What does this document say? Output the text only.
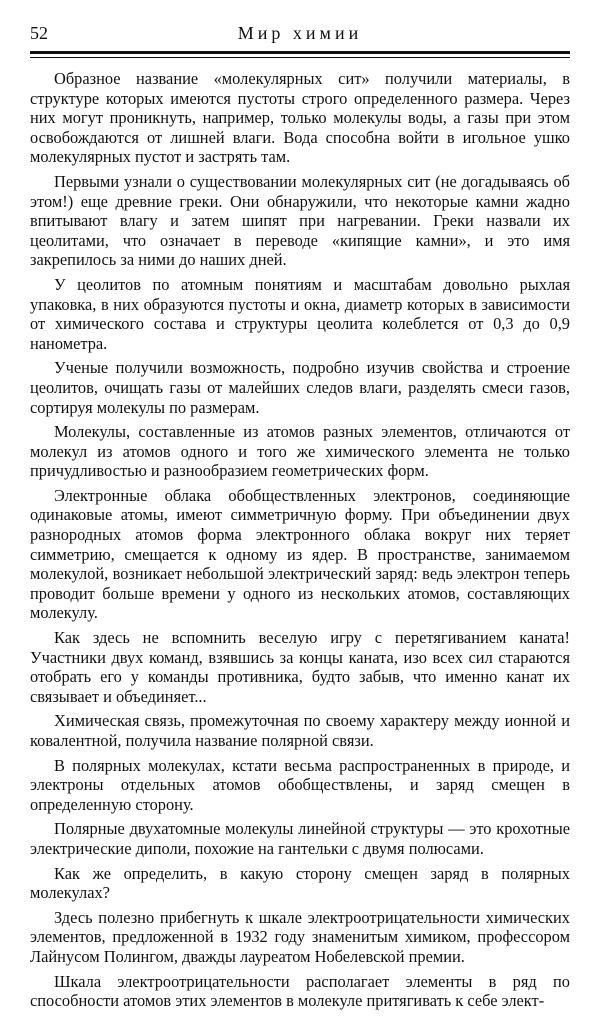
52	Мир химии

Образное название «молекулярных сит» получили материалы, в структуре которых имеются пустоты строго определенного размера. Через них могут проникнуть, например, только молекулы воды, а газы при этом освобождаются от лишней влаги. Вода способна войти в игольное ушко молекулярных пустот и застрять там.

Первыми узнали о существовании молекулярных сит (не догадываясь об этом!) еще древние греки. Они обнаружили, что некоторые камни жадно впитывают влагу и затем шипят при нагревании. Греки назвали их цеолитами, что означает в переводе «кипящие камни», и это имя закрепилось за ними до наших дней.

У цеолитов по атомным понятиям и масштабам довольно рыхлая упаковка, в них образуются пустоты и окна, диаметр которых в зависимости от химического состава и структуры цеолита колеблется от 0,3 до 0,9 нанометра.

Ученые получили возможность, подробно изучив свойства и строение цеолитов, очищать газы от малейших следов влаги, разделять смеси газов, сортируя молекулы по размерам.

Молекулы, составленные из атомов разных элементов, отличаются от молекул из атомов одного и того же химического элемента не только причудливостью и разнообразием геометрических форм.

Электронные облака обобществленных электронов, соединяющие одинаковые атомы, имеют симметричную форму. При объединении двух разнородных атомов форма электронного облака вокруг них теряет симметрию, смещается к одному из ядер. В пространстве, занимаемом молекулой, возникает небольшой электрический заряд: ведь электрон теперь проводит больше времени у одного из нескольких атомов, составляющих молекулу.

Как здесь не вспомнить веселую игру с перетягиванием каната! Участники двух команд, взявшись за концы каната, изо всех сил стараются отобрать его у команды противника, будто забыв, что именно канат их связывает и объединяет...

Химическая связь, промежуточная по своему характеру между ионной и ковалентной, получила название полярной связи.

В полярных молекулах, кстати весьма распространенных в природе, и электроны отдельных атомов обобществлены, и заряд смещен в определенную сторону.

Полярные двухатомные молекулы линейной структуры — это крохотные электрические диполи, похожие на гантельки с двумя полюсами.

Как же определить, в какую сторону смещен заряд в полярных молекулах?

Здесь полезно прибегнуть к шкале электроотрицательности химических элементов, предложенной в 1932 году знаменитым химиком, профессором Лайнусом Полингом, дважды лауреатом Нобелевской премии.

Шкала электроотрицательности располагает элементы в ряд по способности атомов этих элементов в молекуле притягивать к себе элект-
